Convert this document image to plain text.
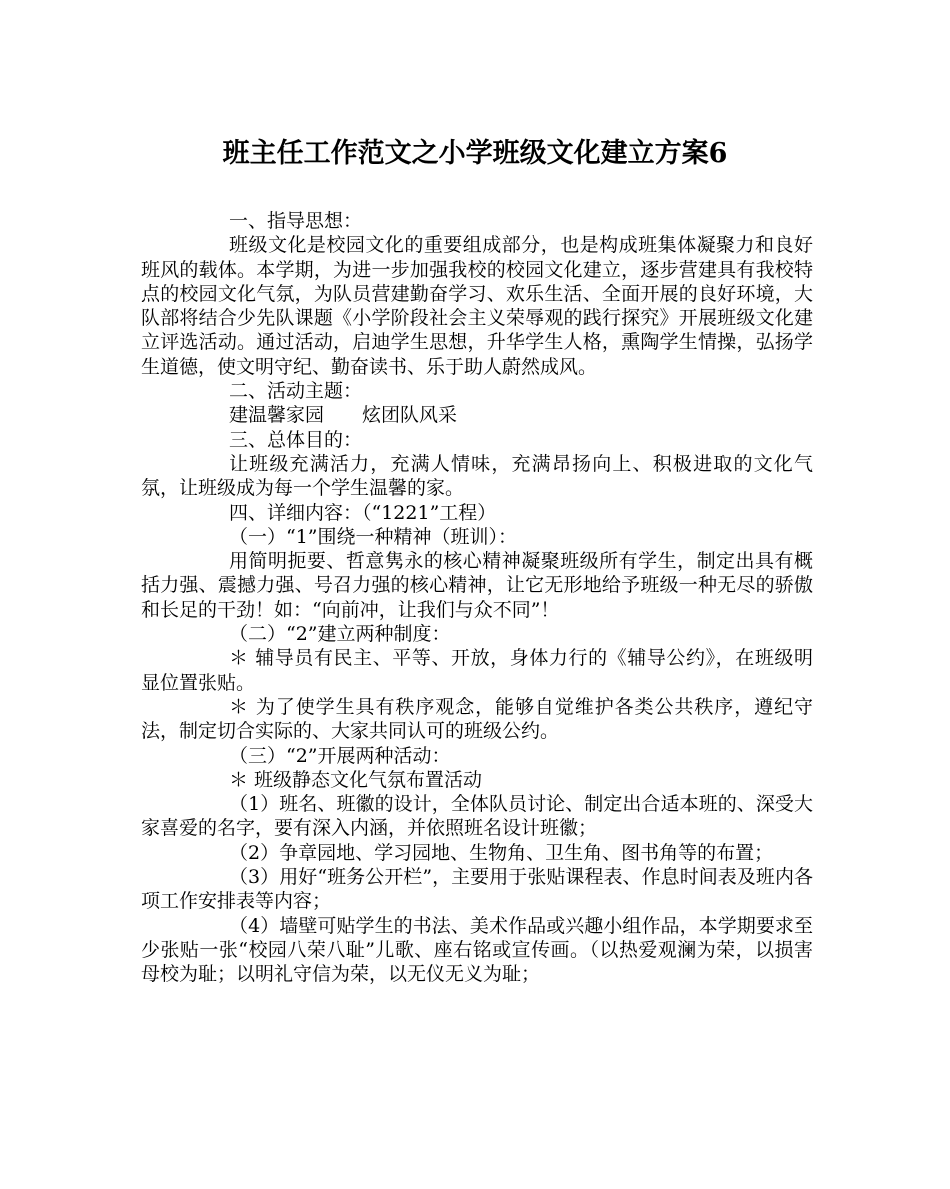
班主任工作范文之小学班级文化建立方案6

一、指导思想：

班级文化是校园文化的重要组成部分，也是构成班集体凝聚力和良好班风的载体。本学期，为进一步加强我校的校园文化建立，逐步营建具有我校特点的校园文化气氛，为队员营建勤奋学习、欢乐生活、全面开展的良好环境，大队部将结合少先队课题《小学阶段社会主义荣辱观的践行探究》开展班级文化建立评选活动。通过活动，启迪学生思想，升华学生人格，熏陶学生情操，弘扬学生道德，使文明守纪、勤奋读书、乐于助人蔚然成风。

二、活动主题：

建温馨家园　　炫团队风采

三、总体目的：

让班级充满活力，充满人情味，充满昂扬向上、积极进取的文化气氛，让班级成为每一个学生温馨的家。

四、详细内容：（“1221”工程）

（一）“1”围绕一种精神（班训）：

用简明扼要、哲意隽永的核心精神凝聚班级所有学生，制定出具有概括力强、震撼力强、号召力强的核心精神，让它无形地给予班级一种无尽的骄傲和长足的干劲！如：“向前冲，让我们与众不同”！

（二）“2”建立两种制度：

＊ 辅导员有民主、平等、开放，身体力行的《辅导公约》，在班级明显位置张贴。

＊ 为了使学生具有秩序观念，能够自觉维护各类公共秩序，遵纪守法，制定切合实际的、大家共同认可的班级公约。

（三）“2”开展两种活动：

＊ 班级静态文化气氛布置活动

（1）班名、班徽的设计，全体队员讨论、制定出合适本班的、深受大家喜爱的名字，要有深入内涵，并依照班名设计班徽；

（2）争章园地、学习园地、生物角、卫生角、图书角等的布置；

（3）用好“班务公开栏”，主要用于张贴课程表、作息时间表及班内各项工作安排表等内容；

（4）墙壁可贴学生的书法、美术作品或兴趣小组作品，本学期要求至少张贴一张“校园八荣八耻”儿歌、座右铭或宣传画。（以热爱观澜为荣，以损害母校为耻；以明礼守信为荣，以无仪无义为耻；
